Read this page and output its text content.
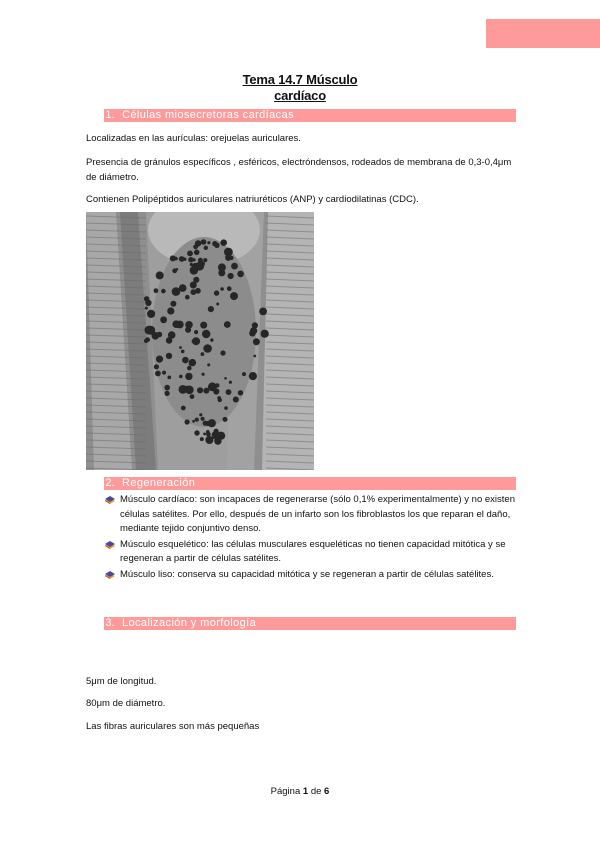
Tema 14.7 Músculo
cardíaco
1. Células miosecretoras cardíacas
Localizadas en las aurículas: orejuelas auriculares.
Presencia de gránulos específicos , esféricos, electróndensos, rodeados de membrana de 0,3-0,4μm de diámetro.
Contienen Polipéptidos auriculares natriuréticos (ANP) y cardiodilatinas (CDC).
2. Regeneración
Músculo cardíaco: son incapaces de regenerarse (sólo 0,1% experimentalmente) y no existen células satélites. Por ello, después de un infarto son los fibroblastos los que reparan el daño, mediante tejido conjuntivo denso.
Músculo esquelético: las células musculares esqueléticas no tienen capacidad mitótica y se regeneran a partir de células satélites.
Músculo liso: conserva su capacidad mitótica y se regeneran a partir de células satélites.
3. Localización y morfología
5μm de longitud.
80μm de diámetro.
Las fibras auriculares son más pequeñas
Página 1 de 6
